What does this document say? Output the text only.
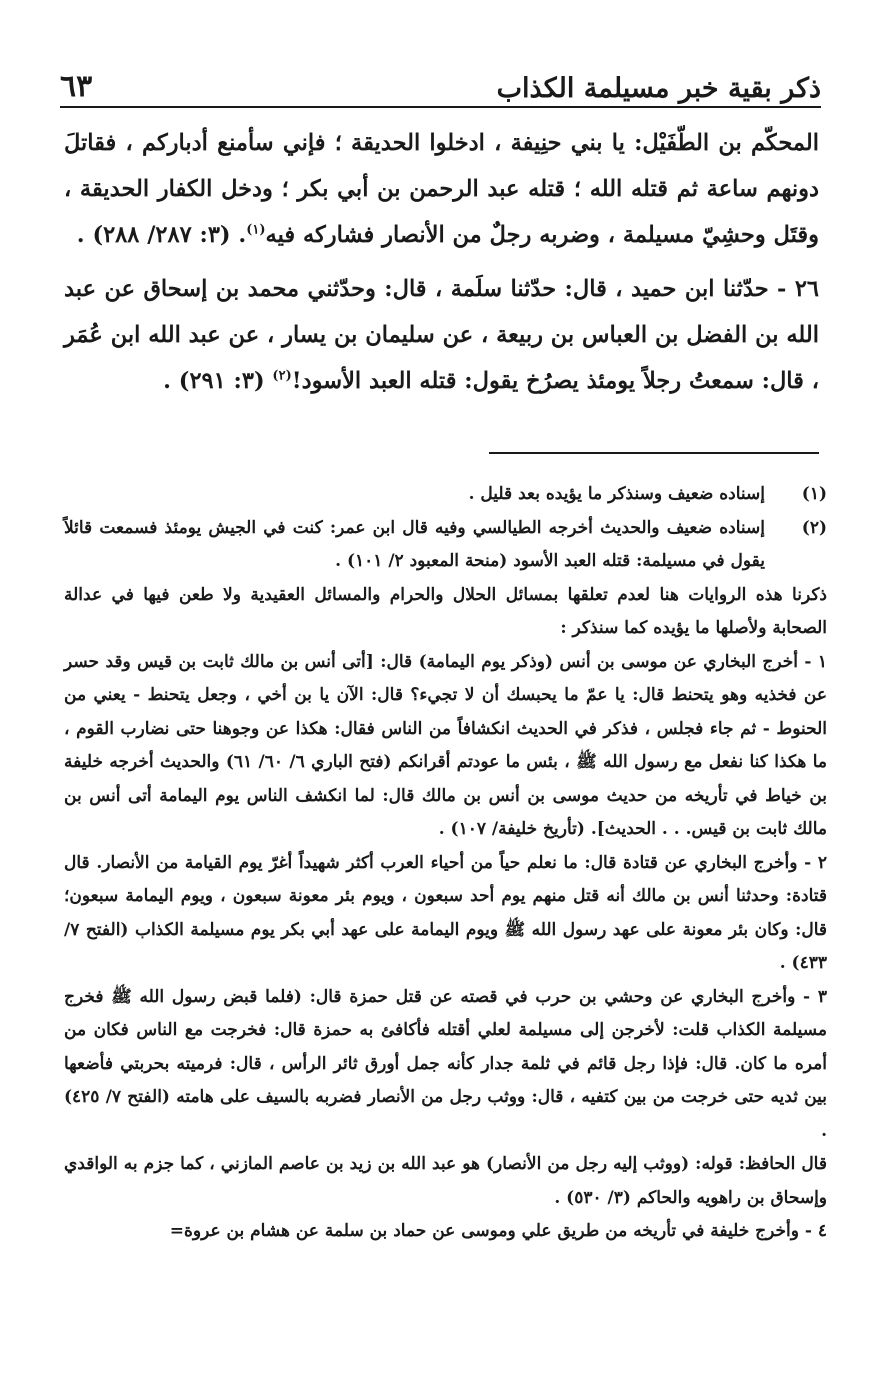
٦٣	ذكر بقية خبر مسيلمة الكذاب

المحكّم بن الطّفَيْل: يا بني حنِيفة ، ادخلوا الحديقة ؛ فإني سأمنع أدباركم ، فقاتلَ دونهم ساعة ثم قتله الله ؛ قتله عبد الرحمن بن أبي بكر ؛ ودخل الكفار الحديقة ، وقتَل وحشِيّ مسيلمة ، وضربه رجلٌ من الأنصار فشاركه فيه$^{(١)}$. (٣: ٢٨٧/ ٢٨٨) .

٢٦ - حدّثنا ابن حميد ، قال: حدّثنا سلَمة ، قال: وحدّثني محمد بن إسحاق عن عبد الله بن الفضل بن العباس بن ربيعة ، عن سليمان بن يسار ، عن عبد الله ابن عُمَر ، قال: سمعتُ رجلاً يومئذ يصرُخ يقول: قتله العبد الأسود!$^{(٢)}$ (٣: ٢٩١) .

(١)
إسناده ضعيف وسنذكر ما يؤيده بعد قليل .
(٢)
إسناده ضعيف والحديث أخرجه الطيالسي وفيه قال ابن عمر: كنت في الجيش يومئذ فسمعت قائلاً يقول في مسيلمة: قتله العبد الأسود (منحة المعبود ٢/ ١٠١) .

ذكرنا هذه الروايات هنا لعدم تعلقها بمسائل الحلال والحرام والمسائل العقيدية ولا طعن فيها في عدالة الصحابة ولأصلها ما يؤيده كما سنذكر :

١ - أخرج البخاري عن موسى بن أنس (وذكر يوم اليمامة) قال: [أتى أنس بن مالك ثابت بن قيس وقد حسر عن فخذيه وهو يتحنط قال: يا عمّ ما يحبسك أن لا تجيء؟ قال: الآن يا بن أخي ، وجعل يتحنط - يعني من الحنوط - ثم جاء فجلس ، فذكر في الحديث انكشافاً من الناس فقال: هكذا عن وجوهنا حتى نضارب القوم ، ما هكذا كنا نفعل مع رسول الله ﷺ ، بئس ما عودتم أقرانكم (فتح الباري ٦/ ٦٠/ ٦١) والحديث أخرجه خليفة بن خياط في تأريخه من حديث موسى بن أنس بن مالك قال: لما انكشف الناس يوم اليمامة أتى أنس بن مالك ثابت بن قيس. . . الحديث]. (تأريخ خليفة/ ١٠٧) .

٢ - وأخرج البخاري عن قتادة قال: ما نعلم حياً من أحياء العرب أكثر شهيداً أغرّ يوم القيامة من الأنصار. قال قتادة: وحدثنا أنس بن مالك أنه قتل منهم يوم أحد سبعون ، ويوم بئر معونة سبعون ، ويوم اليمامة سبعون؛ قال: وكان بئر معونة على عهد رسول الله ﷺ ويوم اليمامة على عهد أبي بكر يوم مسيلمة الكذاب (الفتح ٧/ ٤٣٣) .

٣ - وأخرج البخاري عن وحشي بن حرب في قصته عن قتل حمزة قال: (فلما قبض رسول الله ﷺ فخرج مسيلمة الكذاب قلت: لأخرجن إلى مسيلمة لعلي أقتله فأكافئ به حمزة قال: فخرجت مع الناس فكان من أمره ما كان. قال: فإذا رجل قائم في ثلمة جدار كأنه جمل أورق ثائر الرأس ، قال: فرميته بحربتي فأضعها بين ثديه حتى خرجت من بين كتفيه ، قال: ووثب رجل من الأنصار فضربه بالسيف على هامته (الفتح ٧/ ٤٢٥) .

قال الحافظ: قوله: (ووثب إليه رجل من الأنصار) هو عبد الله بن زيد بن عاصم المازني ، كما جزم به الواقدي وإسحاق بن راهويه والحاكم (٣/ ٥٣٠) .

٤ - وأخرج خليفة في تأريخه من طريق علي وموسى عن حماد بن سلمة عن هشام بن عروة=
